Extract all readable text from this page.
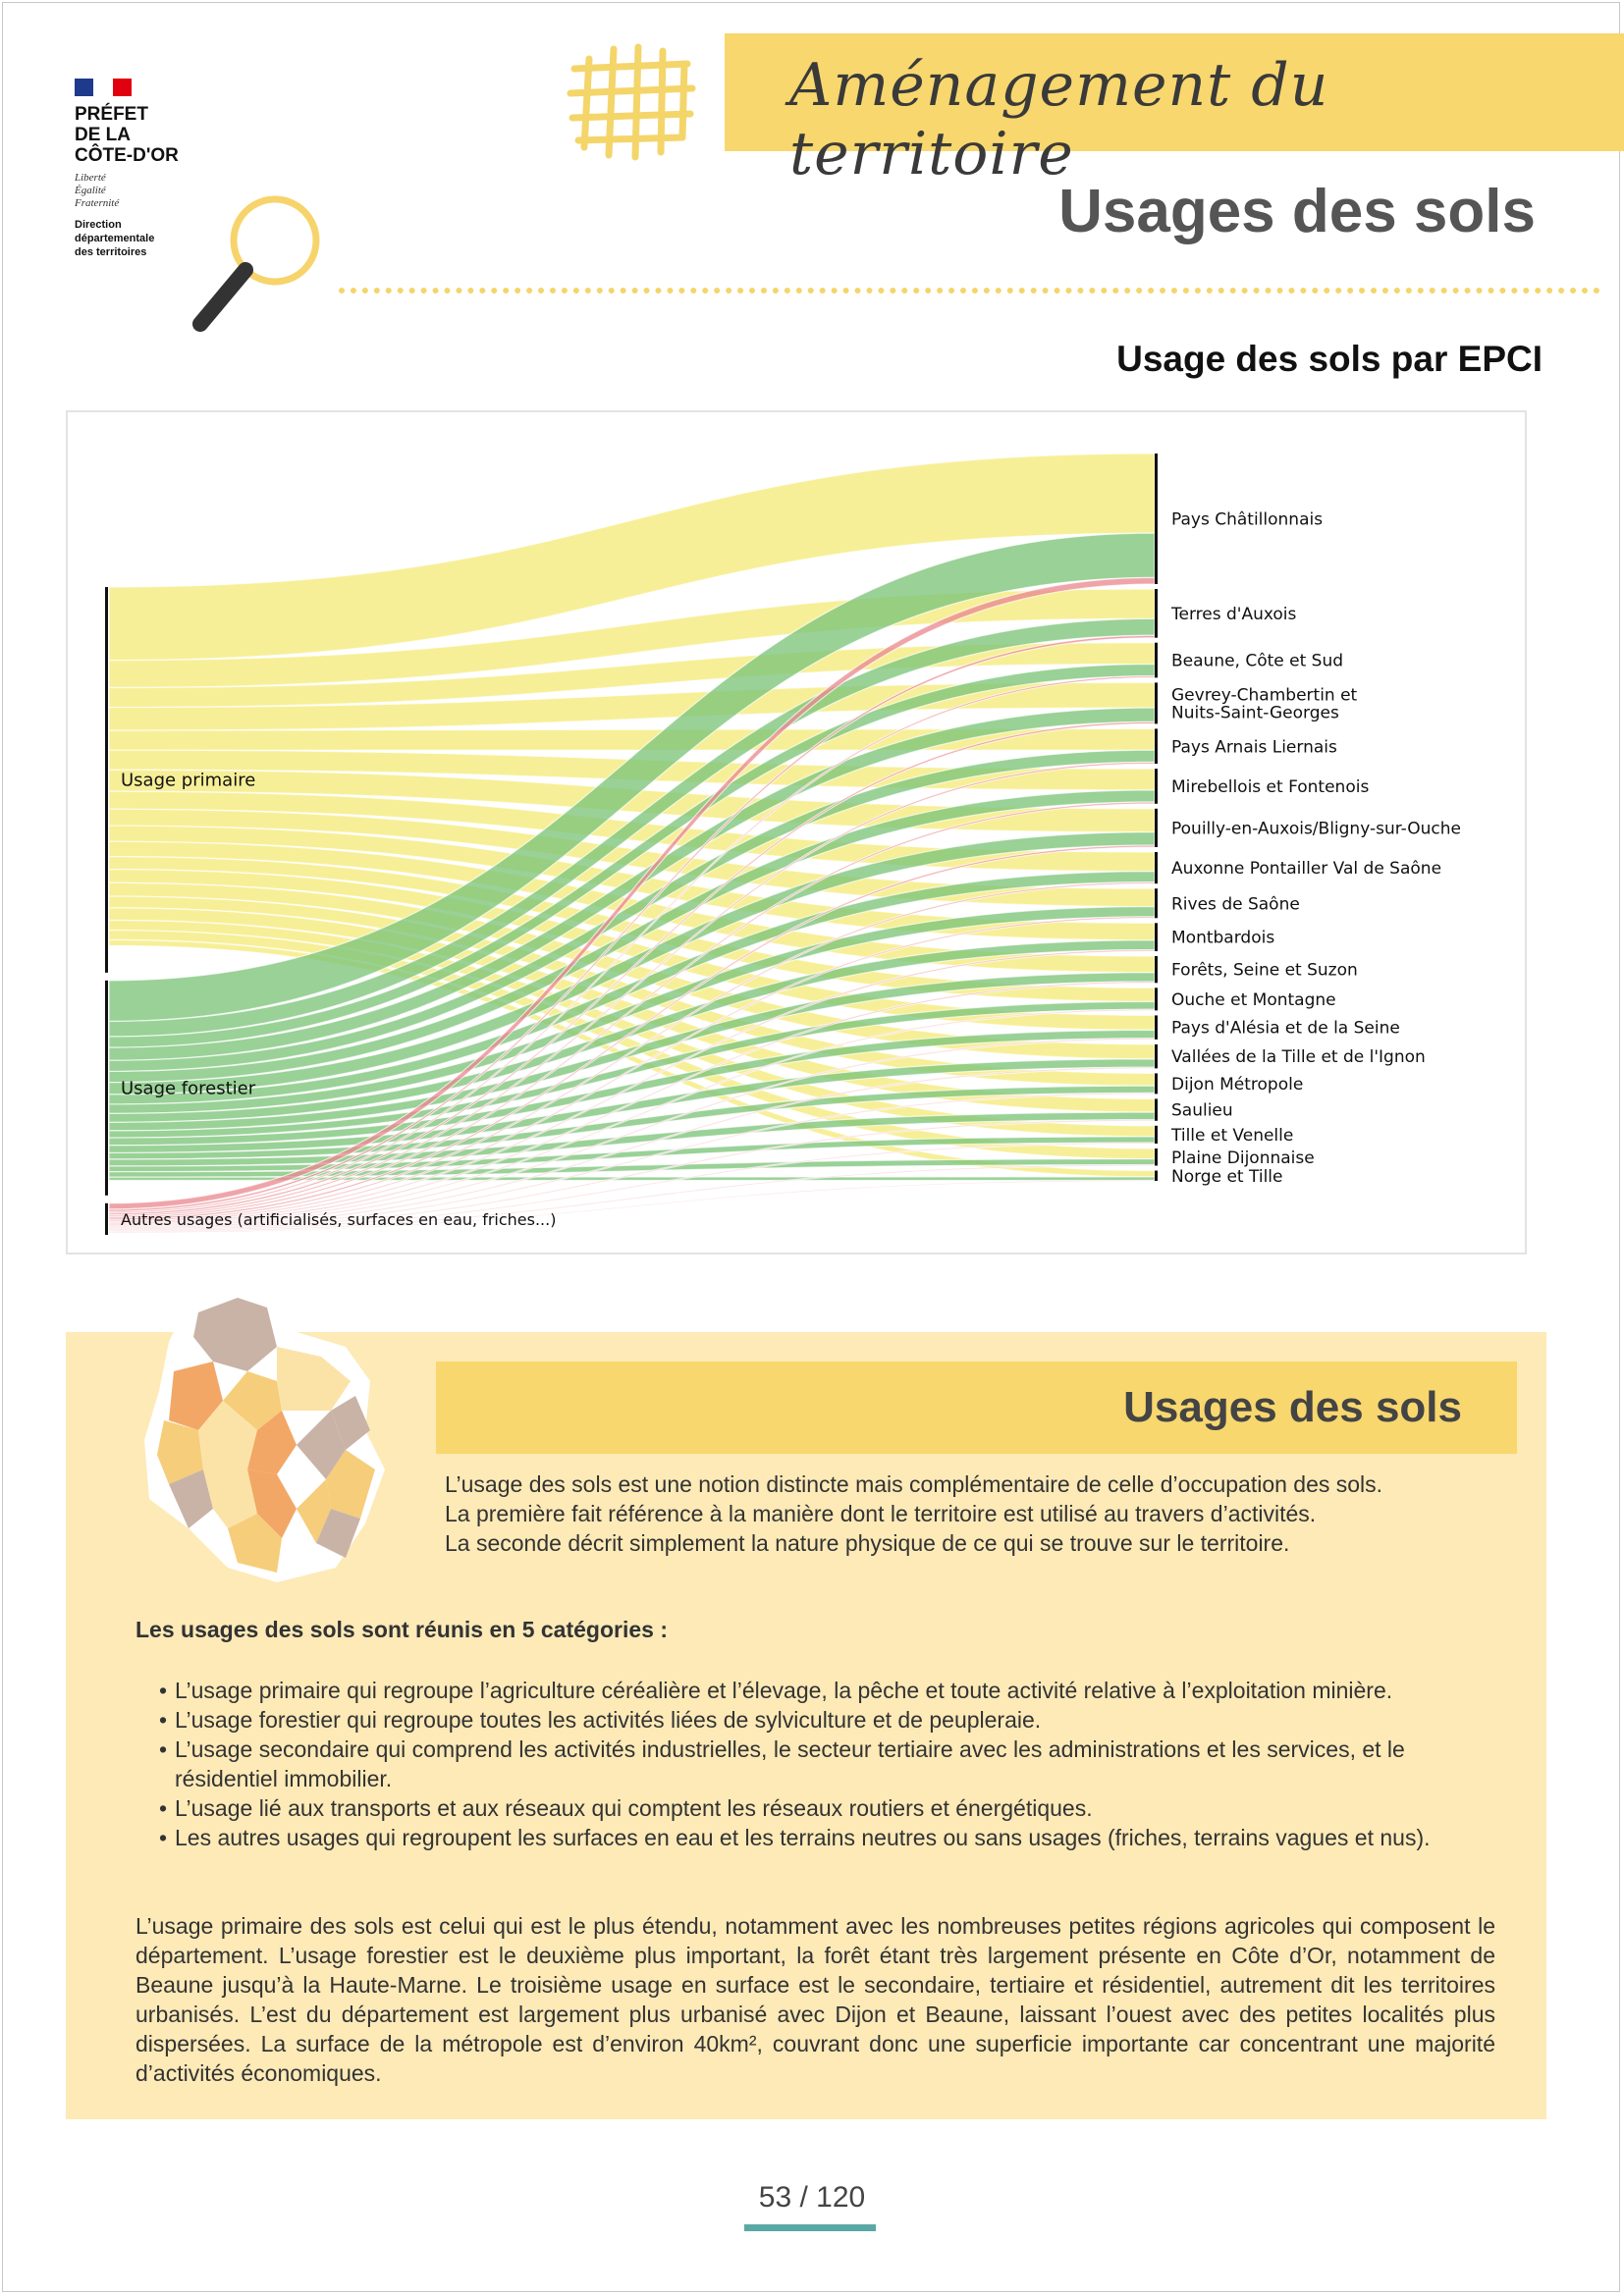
PRÉFET
DE LA
CÔTE-D'OR
Liberté
Égalité
Fraternité
Direction
départementale
des territoires
Aménagement du territoire
Usages des sols
Usage des sols par EPCI
Usage primaire
Usage forestier
Autres usages (artificialisés, surfaces en eau, friches...)
Pays Châtillonnais
Terres d'Auxois
Beaune, Côte et Sud
Gevrey-Chambertin et
Nuits-Saint-Georges
Pays Arnais Liernais
Mirebellois et Fontenois
Pouilly-en-Auxois/Bligny-sur-Ouche
Auxonne Pontailler Val de Saône
Rives de Saône
Montbardois
Forêts, Seine et Suzon
Ouche et Montagne
Pays d'Alésia et de la Seine
Vallées de la Tille et de l'Ignon
Dijon Métropole
Saulieu
Tille et Venelle
Plaine Dijonnaise
Norge et Tille
Usages des sols
L’usage des sols est une notion distincte mais complémentaire de celle d’occupation des sols.
La première fait référence à la manière dont le territoire est utilisé au travers d’activités.
La seconde décrit simplement la nature physique de ce qui se trouve sur le territoire.
Les usages des sols sont réunis en 5 catégories :
• L’usage primaire qui regroupe l’agriculture céréalière et l’élevage, la pêche et toute activité relative à l’exploitation minière.
• L’usage forestier qui regroupe toutes les activités liées de sylviculture et de peupleraie.
• L’usage secondaire qui comprend les activités industrielles, le secteur tertiaire avec les administrations et les services, et le résidentiel immobilier.
• L’usage lié aux transports et aux réseaux qui comptent les réseaux routiers et énergétiques.
• Les autres usages qui regroupent les surfaces en eau et les terrains neutres ou sans usages (friches, terrains vagues et nus).
L’usage primaire des sols est celui qui est le plus étendu, notamment avec les nombreuses petites régions agricoles qui composent le département. L’usage forestier est le deuxième plus important, la forêt étant très largement présente en Côte d’Or, notamment de Beaune jusqu’à la Haute-Marne. Le troisième usage en surface est le secondaire, tertiaire et résidentiel, autrement dit les territoires urbanisés. L’est du département est largement plus urbanisé avec Dijon et Beaune, laissant l’ouest avec des petites localités plus dispersées. La surface de la métropole est d’environ 40km², couvrant donc une superficie importante car concentrant une majorité d’activités économiques.
53 / 120
